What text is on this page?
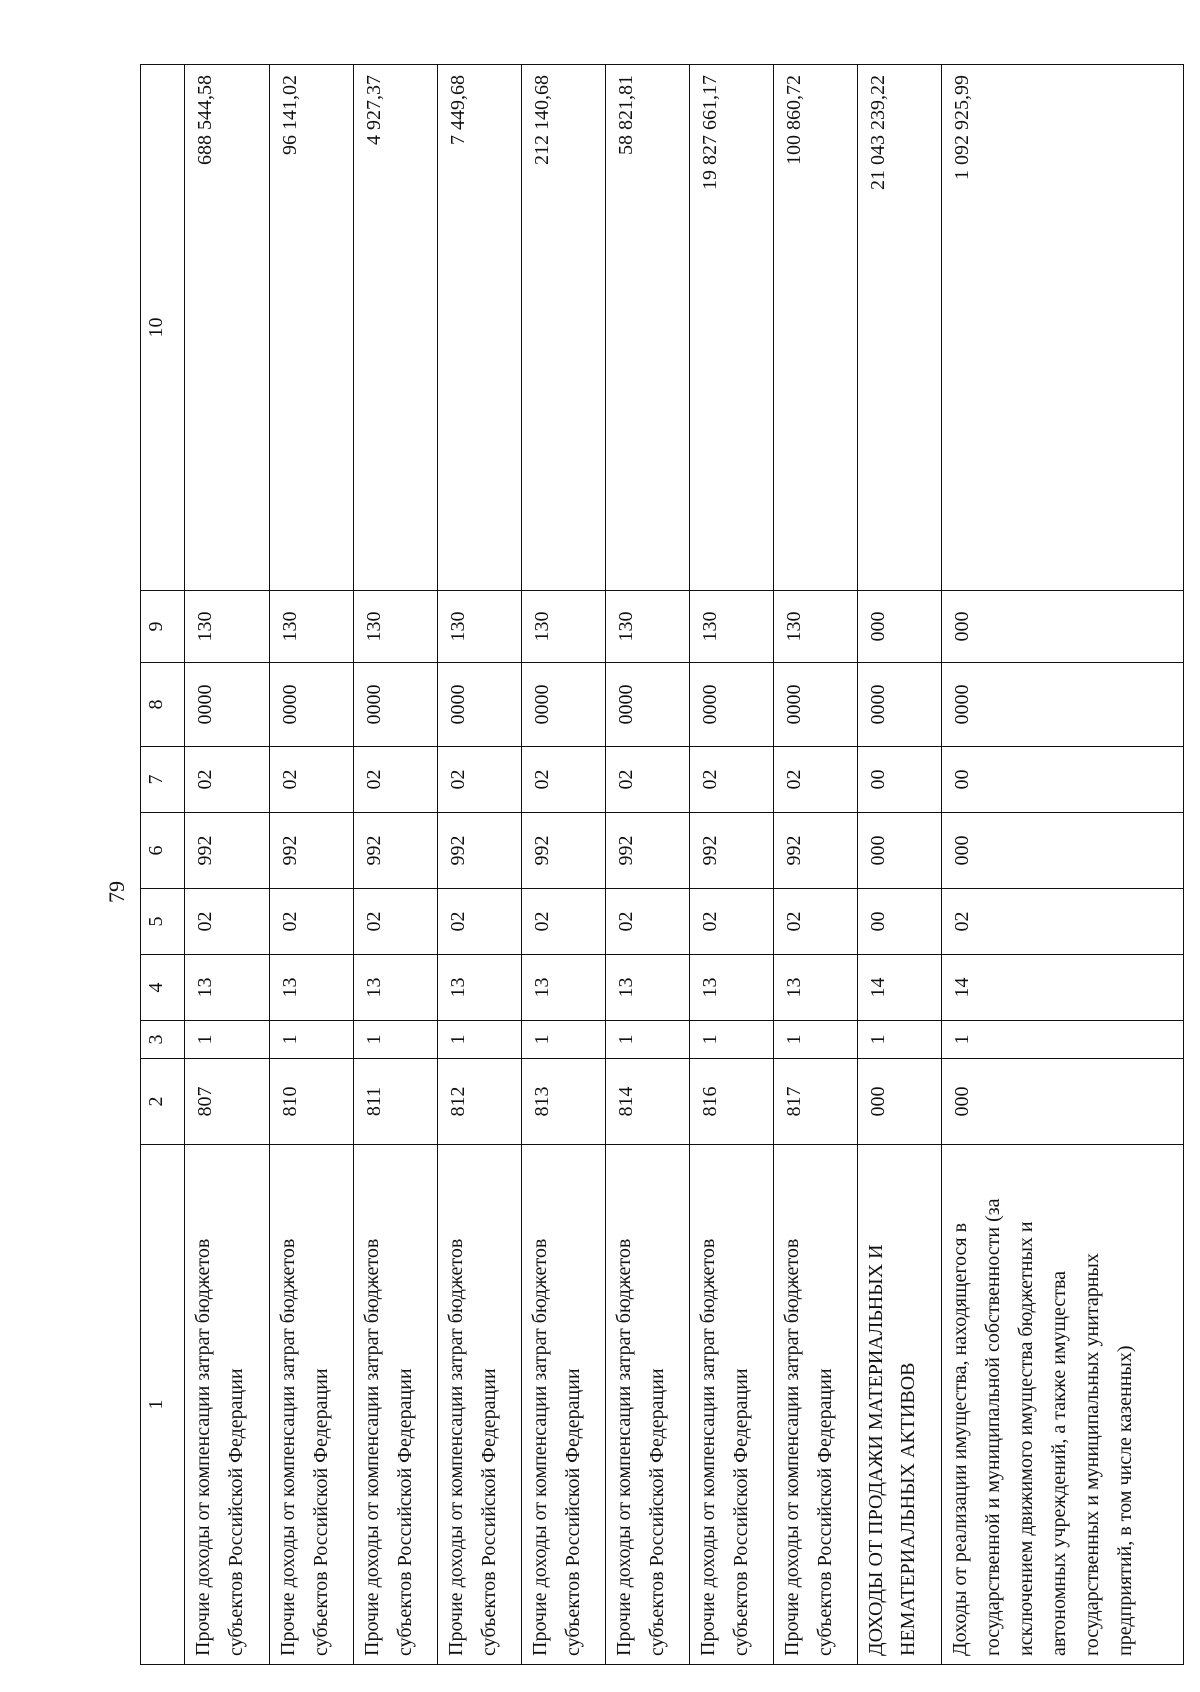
79
1	2	3	4	5	6	7	8	9	10
Прочие доходы от компенсации затрат бюджетов субъектов Российской Федерации	807	1	13	02	992	02	0000	130	688 544,58
Прочие доходы от компенсации затрат бюджетов субъектов Российской Федерации	810	1	13	02	992	02	0000	130	96 141,02
Прочие доходы от компенсации затрат бюджетов субъектов Российской Федерации	811	1	13	02	992	02	0000	130	4 927,37
Прочие доходы от компенсации затрат бюджетов субъектов Российской Федерации	812	1	13	02	992	02	0000	130	7 449,68
Прочие доходы от компенсации затрат бюджетов субъектов Российской Федерации	813	1	13	02	992	02	0000	130	212 140,68
Прочие доходы от компенсации затрат бюджетов субъектов Российской Федерации	814	1	13	02	992	02	0000	130	58 821,81
Прочие доходы от компенсации затрат бюджетов субъектов Российской Федерации	816	1	13	02	992	02	0000	130	19 827 661,17
Прочие доходы от компенсации затрат бюджетов субъектов Российской Федерации	817	1	13	02	992	02	0000	130	100 860,72
ДОХОДЫ ОТ ПРОДАЖИ МАТЕРИАЛЬНЫХ И НЕМАТЕРИАЛЬНЫХ АКТИВОВ	000	1	14	00	000	00	0000	000	21 043 239,22
Доходы от реализации имущества, находящегося в государственной и муниципальной собственности (за исключением движимого имущества бюджетных и автономных учреждений, а также имущества государственных и муниципальных унитарных предприятий, в том числе казенных)	000	1	14	02	000	00	0000	000	1 092 925,99
